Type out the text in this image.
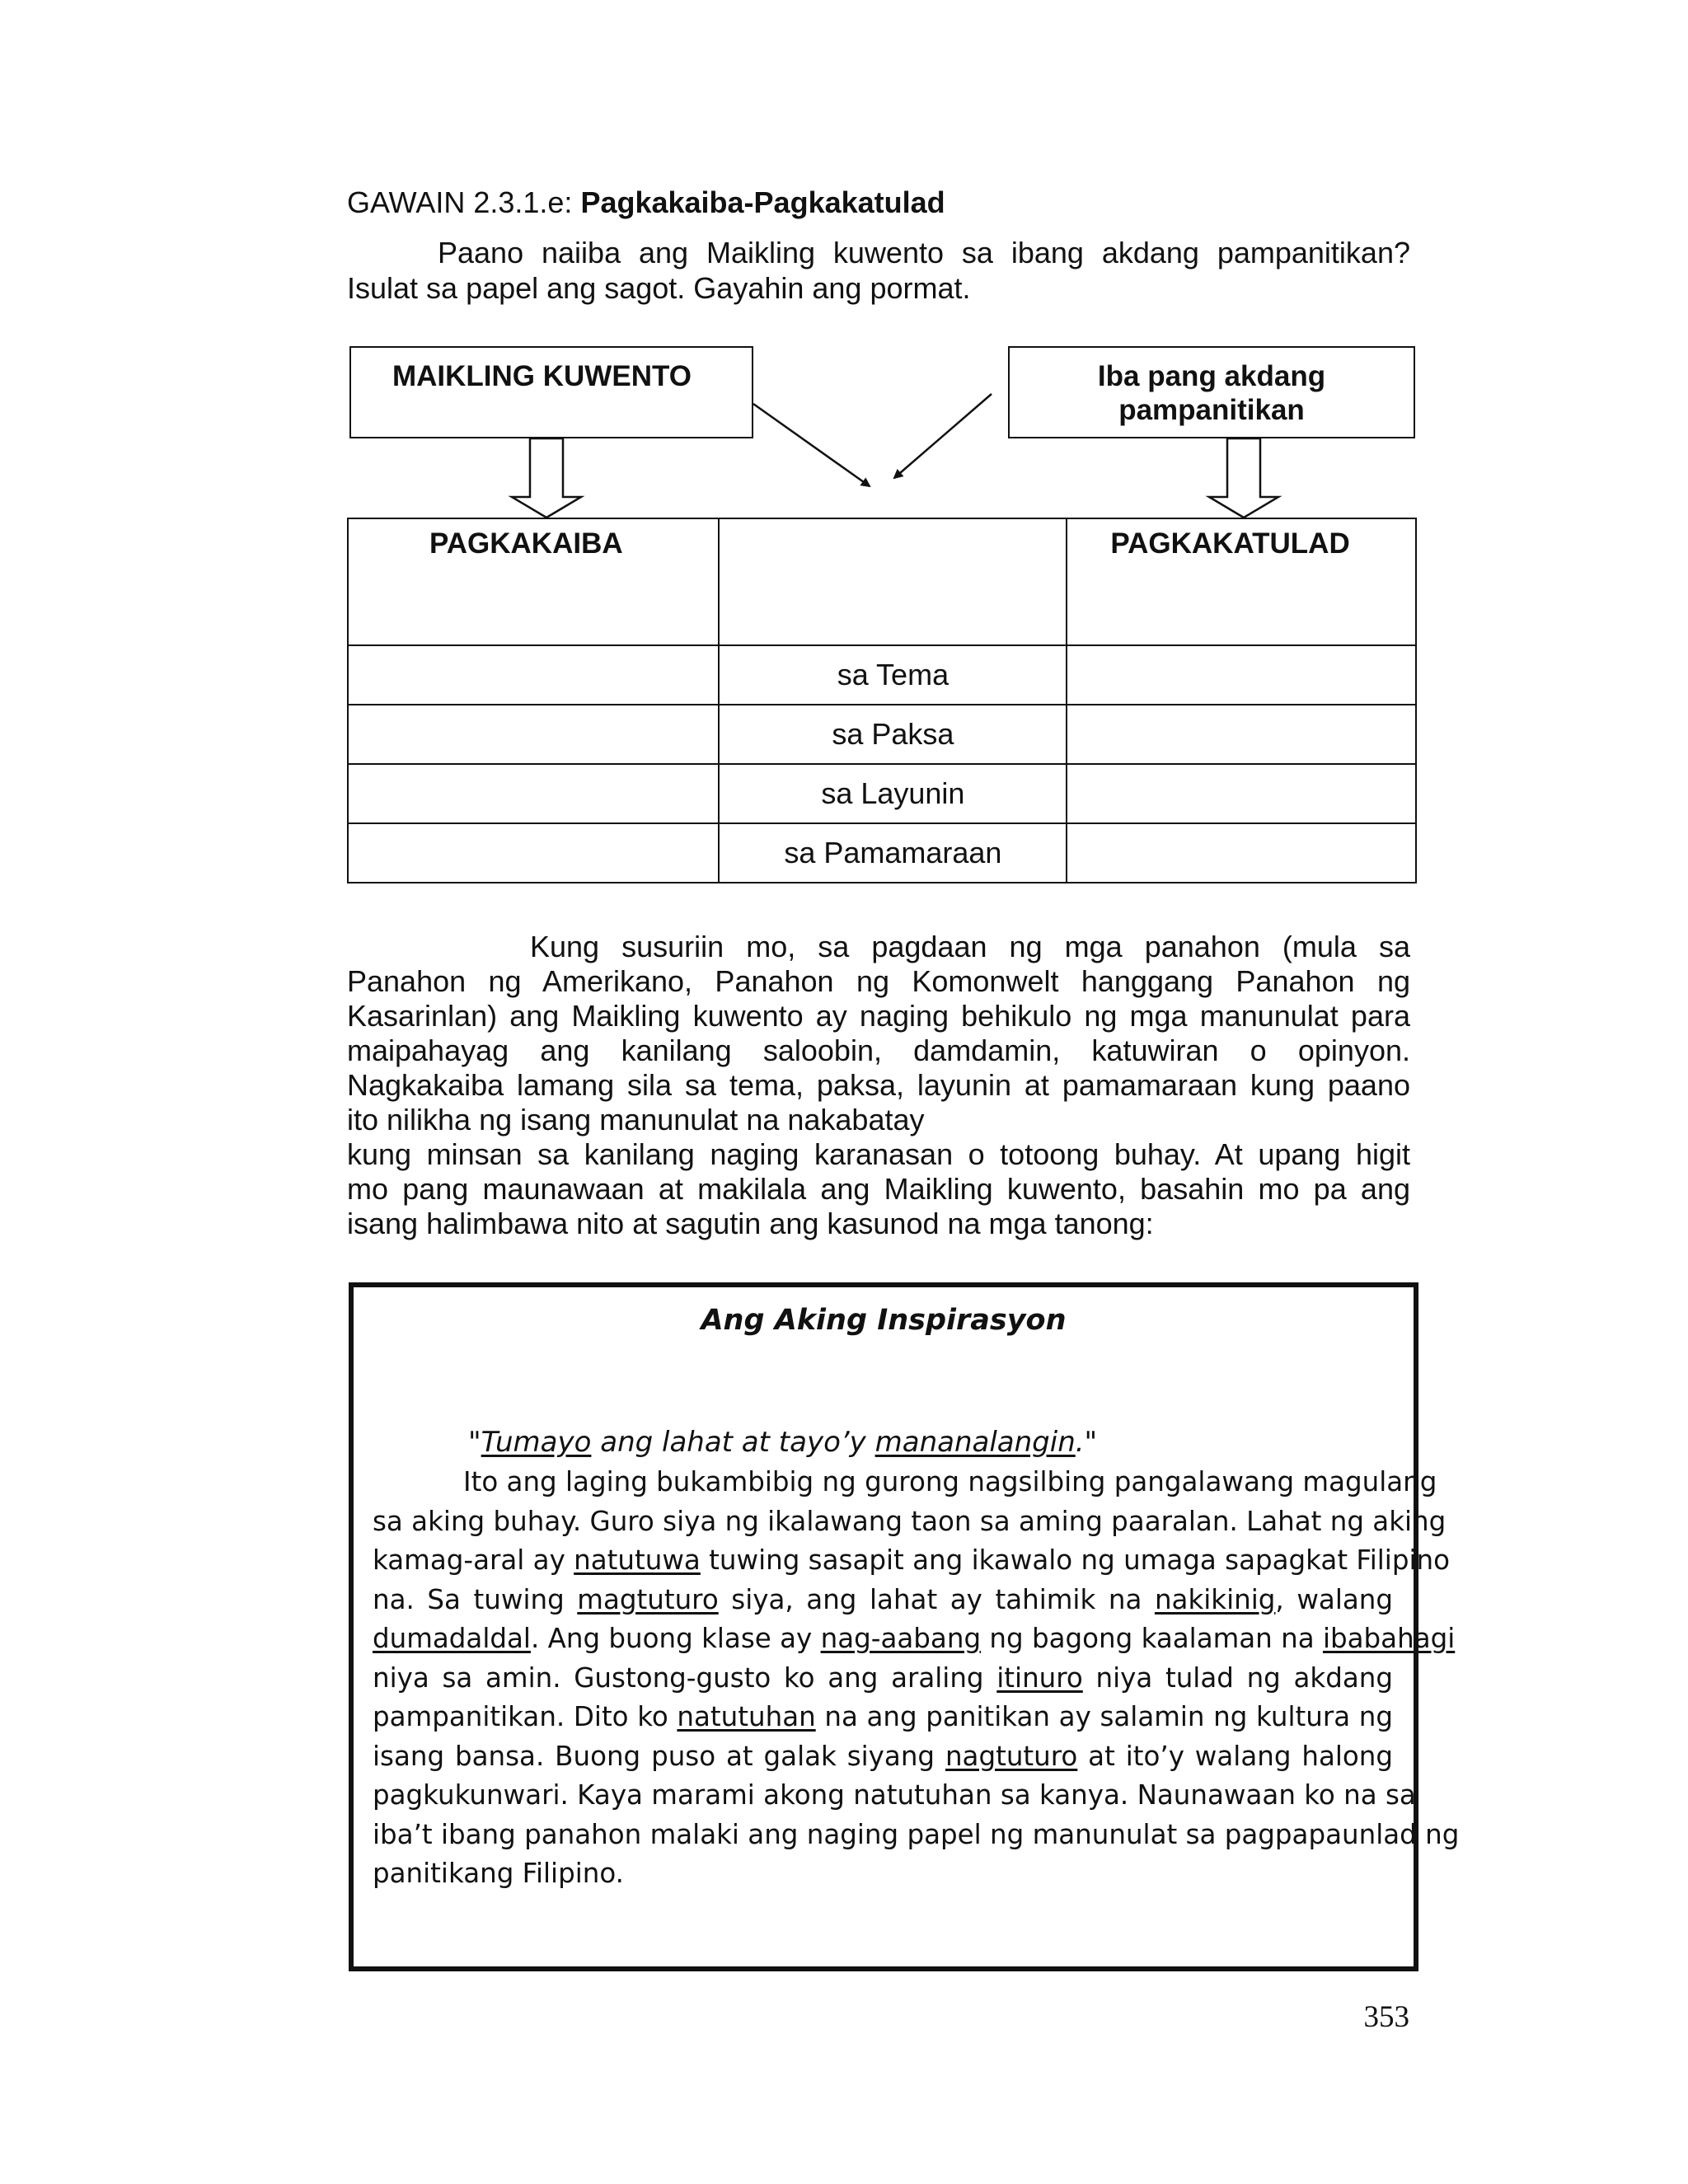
GAWAIN 2.3.1.e: Pagkakaiba-Pagkakatulad
Paano naiiba ang Maikling kuwento sa ibang akdang pampanitikan?
Isulat sa papel ang sagot. Gayahin ang pormat.
MAIKLING KUWENTO	Iba pang akdang
pampanitikan
PAGKAKAIBA		PAGKAKATULAD

	sa Tema	
	sa Paksa	
	sa Layunin	
	sa Pamamaraan	
Kung susuriin mo, sa pagdaan ng mga panahon (mula sa
Panahon ng Amerikano, Panahon ng Komonwelt hanggang Panahon ng
Kasarinlan) ang Maikling kuwento ay naging behikulo ng mga manunulat para
maipahayag ang kanilang saloobin, damdamin, katuwiran o opinyon.
Nagkakaiba lamang sila sa tema, paksa, layunin at pamamaraan kung paano
ito nilikha ng isang manunulat na nakabatay
kung minsan sa kanilang naging karanasan o totoong buhay. At upang higit
mo pang maunawaan at makilala ang Maikling kuwento, basahin mo pa ang
isang halimbawa nito at sagutin ang kasunod na mga tanong:
Ang Aking Inspirasyon
"Tumayo ang lahat at tayo’y mananalangin."
Ito ang laging bukambibig ng gurong nagsilbing pangalawang magulang
sa aking buhay. Guro siya ng ikalawang taon sa aming paaralan. Lahat ng aking
kamag-aral ay natutuwa tuwing sasapit ang ikawalo ng umaga sapagkat Filipino
na. Sa tuwing magtuturo siya, ang lahat ay tahimik na nakikinig, walang
dumadaldal. Ang buong klase ay nag-aabang ng bagong kaalaman na ibabahagi
niya sa amin. Gustong-gusto ko ang araling itinuro niya tulad ng akdang
pampanitikan. Dito ko natutuhan na ang panitikan ay salamin ng kultura ng
isang bansa. Buong puso at galak siyang nagtuturo at ito’y walang halong
pagkukunwari. Kaya marami akong natutuhan sa kanya. Naunawaan ko na sa
iba’t ibang panahon malaki ang naging papel ng manunulat sa pagpapaunlad ng
panitikang Filipino.
353
